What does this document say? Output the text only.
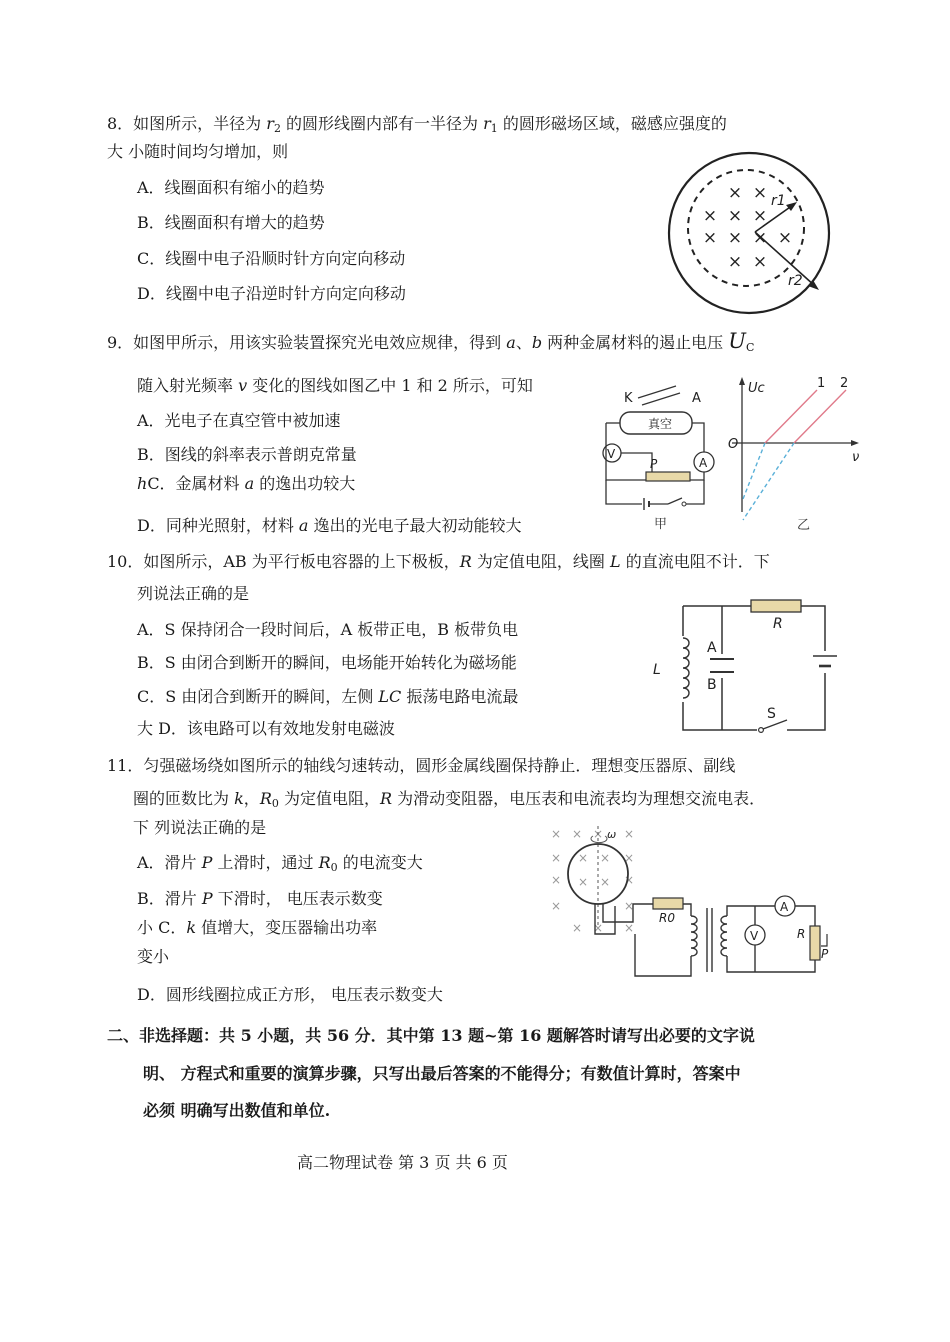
8．如图所示，半径为 $r_2$ 的圆形线圈内部有一半径为 $r_1$ 的圆形磁场区域，磁感应强度的
大 小随时间均匀增加，则
A．线圈面积有缩小的趋势
B．线圈面积有增大的趋势
C．线圈中电子沿顺时针方向定向移动
D．线圈中电子沿逆时针方向定向移动
× ×
× × ×
× × × ×
× ×
r1
r2
9．如图甲所示，用该实验装置探究光电效应规律，得到 a、b 两种金属材料的遏止电压 $U_C$
随入射光频率 v 变化的图线如图乙中 1 和 2 所示，可知
A．光电子在真空管中被加速
B．图线的斜率表示普朗克常量
hC．金属材料 a 的逸出功较大
D．同种光照射，材料 a 逸出的光电子最大初动能较大
K	A
真空
A
V
P
甲
Uc
O
ν
1 2
乙
10．如图所示，AB 为平行板电容器的上下极板，R 为定值电阻，线圈 L 的直流电阻不计．下
列说法正确的是
A．S 保持闭合一段时间后，A 板带正电，B 板带负电
B．S 由闭合到断开的瞬间，电场能开始转化为磁场能
C．S 由闭合到断开的瞬间，左侧 LC 振荡电路电流最
大 D．该电路可以有效地发射电磁波
R
L
A
B
S
11．匀强磁场绕如图所示的轴线匀速转动，圆形金属线圈保持静止．理想变压器原、副线
圈的匝数比为 k，$R_0$ 为定值电阻，R 为滑动变阻器，电压表和电流表均为理想交流电表．
下 列说法正确的是
A．滑片 P 上滑时，通过 $R_0$ 的电流变大
B．滑片 P 下滑时， 电压表示数变
小 C．k 值增大，变压器输出功率
变小
D．圆形线圈拉成正方形， 电压表示数变大
× × × ×
×	×
×	×
×	×
× × ×
× ×
× ×
ω
R0
V
A
R
P
二、非选择题：共 5 小题，共 56 分．其中第 13 题~第 16 题解答时请写出必要的文字说
明、 方程式和重要的演算步骤，只写出最后答案的不能得分；有数值计算时，答案中
必须 明确写出数值和单位.
高二物理试卷 第 3 页 共 6 页
